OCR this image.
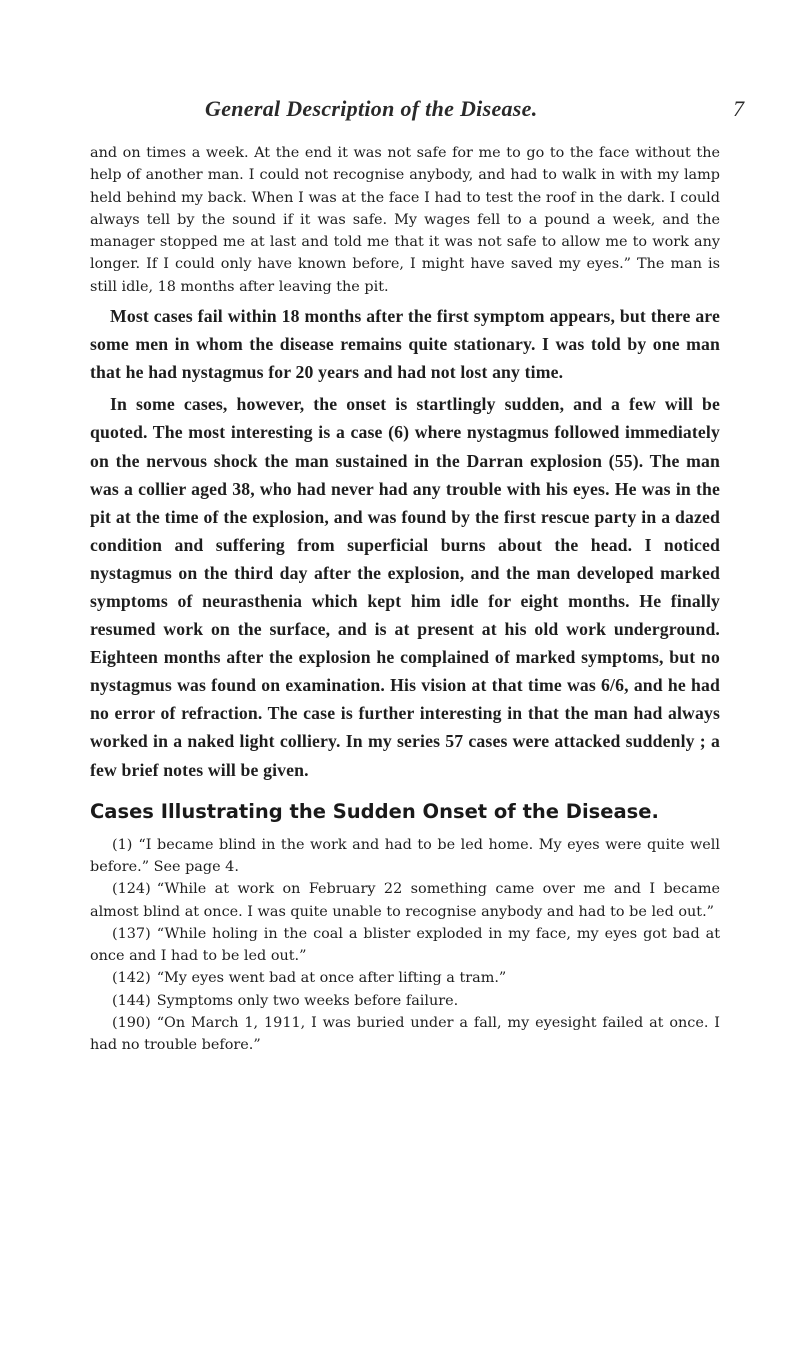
General Description of the Disease.	7

and on times a week. At the end it was not safe for me to go to the face without the help of another man. I could not recognise anybody, and had to walk in with my lamp held behind my back. When I was at the face I had to test the roof in the dark. I could always tell by the sound if it was safe. My wages fell to a pound a week, and the manager stopped me at last and told me that it was not safe to allow me to work any longer. If I could only have known before, I might have saved my eyes.” The man is still idle, 18 months after leaving the pit.

Most cases fail within 18 months after the first symptom appears, but there are some men in whom the disease remains quite stationary. I was told by one man that he had nystagmus for 20 years and had not lost any time.

In some cases, however, the onset is startlingly sudden, and a few will be quoted. The most interesting is a case (6) where nystagmus followed immediately on the nervous shock the man sustained in the Darran explosion (55). The man was a collier aged 38, who had never had any trouble with his eyes. He was in the pit at the time of the explosion, and was found by the first rescue party in a dazed condition and suffering from superficial burns about the head. I noticed nystagmus on the third day after the explosion, and the man developed marked symptoms of neurasthenia which kept him idle for eight months. He finally resumed work on the surface, and is at present at his old work underground. Eighteen months after the explosion he complained of marked symptoms, but no nystagmus was found on examination. His vision at that time was 6/6, and he had no error of refraction. The case is further interesting in that the man had always worked in a naked light colliery. In my series 57 cases were attacked suddenly ; a few brief notes will be given.

Cases Illustrating the Sudden Onset of the Disease.
(1) “I became blind in the work and had to be led home. My eyes were quite well before.” See page 4.
(124) “While at work on February 22 something came over me and I became almost blind at once. I was quite unable to recognise anybody and had to be led out.”
(137) “While holing in the coal a blister exploded in my face, my eyes got bad at once and I had to be led out.”
(142) “My eyes went bad at once after lifting a tram.”
(144) Symptoms only two weeks before failure.
(190) “On March 1, 1911, I was buried under a fall, my eyesight failed at once. I had no trouble before.”
